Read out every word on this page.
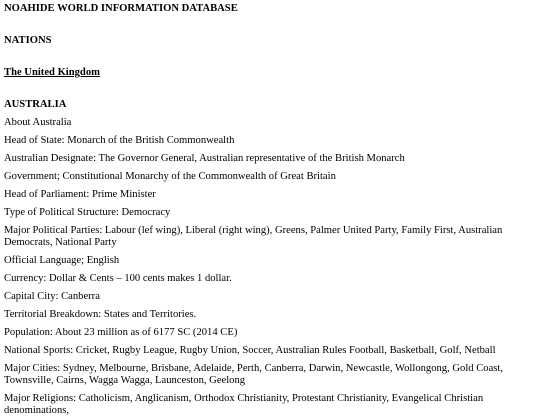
NOAHIDE WORLD INFORMATION DATABASE

NATIONS

The United Kingdom

AUSTRALIA

About Australia

Head of State: Monarch of the British Commonwealth

Australian Designate: The Governor General, Australian representative of the British Monarch

Government; Constitutional Monarchy of the Commonwealth of Great Britain

Head of Parliament: Prime Minister

Type of Political Structure: Democracy

Major Political Parties: Labour (lef wing), Liberal (right wing), Greens, Palmer United Party, Family First, Australian Democrats, National Party

Official Language; English

Currency: Dollar & Cents – 100 cents makes 1 dollar.

Capital City: Canberra

Territorial Breakdown: States and Territories.

Population: About 23 million as of 6177 SC (2014 CE)

National Sports: Cricket, Rugby League, Rugby Union, Soccer, Australian Rules Football, Basketball, Golf, Netball

Major Cities: Sydney, Melbourne, Brisbane, Adelaide, Perth, Canberra, Darwin, Newcastle, Wollongong, Gold Coast, Townsville, Cairns, Wagga Wagga, Launceston, Geelong

Major Religions: Catholicism, Anglicanism, Orthodox Christianity, Protestant Christianity, Evangelical Christian denominations,
